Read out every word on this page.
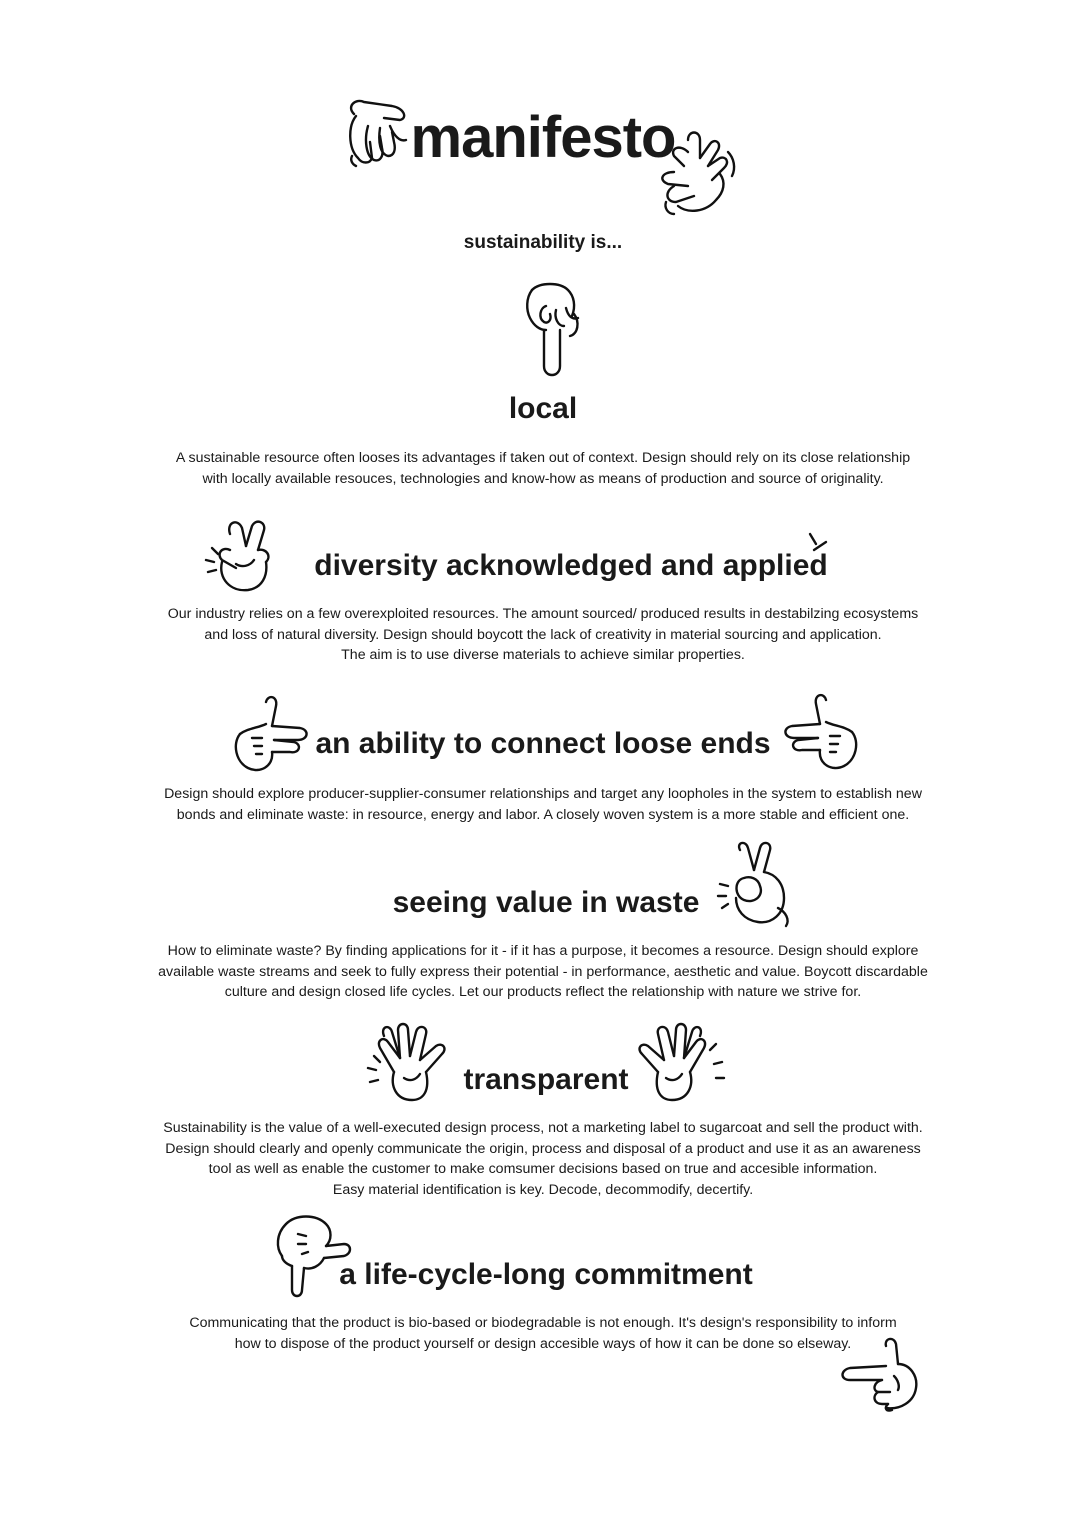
manifesto
sustainability is...
local
A sustainable resource often looses its advantages if taken out of context. Design should rely on its close relationship
with locally available resouces, technologies and know-how as means of production and source of originality.
diversity acknowledged and applied
Our industry relies on a few overexploited resources. The amount sourced/ produced results in destabilzing ecosystems
and loss of natural diversity. Design should boycott the lack of creativity in material sourcing and application.
The aim is to use diverse materials to achieve similar properties.
an ability to connect loose ends
Design should explore producer-supplier-consumer relationships and target any loopholes in the system to establish new
bonds and eliminate waste: in resource, energy and labor. A closely woven system is a more stable and efficient one.
seeing value in waste
How to eliminate waste? By finding applications for it - if it has a purpose, it becomes a resource. Design should explore
available waste streams and seek to fully express their potential - in performance, aesthetic and value. Boycott discardable
culture and design closed life cycles. Let our products reflect the relationship with nature we strive for.
transparent
Sustainability is the value of a well-executed design process, not a marketing label to sugarcoat and sell the product with.
Design should clearly and openly communicate the origin, process and disposal of a product and use it as an awareness
tool as well as enable the customer to make comsumer decisions based on true and accesible information.
Easy material identification is key. Decode, decommodify, decertify.
a life-cycle-long commitment
Communicating that the product is bio-based or biodegradable is not enough. It's design's responsibility to inform
how to dispose of the product yourself or design accesible ways of how it can be done so elseway.
